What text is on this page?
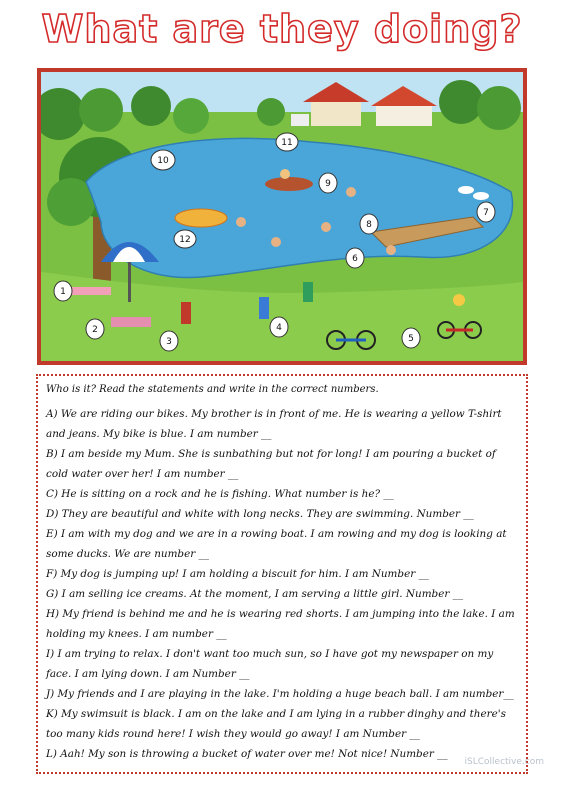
What are they doing?
1
2
3
4
5
6
7
8
9
10
11
12

Who is it? Read the statements and write in the correct numbers.

A) We are riding our bikes. My brother is in front of me. He is wearing a yellow T-shirt and jeans. My bike is blue. I am number __

B) I am beside my Mum. She is sunbathing but not for long! I am pouring a bucket of cold water over her! I am number __

C) He is sitting on a rock and he is fishing. What number is he? __

D) They are beautiful and white with long necks. They are swimming. Number __

E) I am with my dog and we are in a rowing boat. I am rowing and my dog is looking at some ducks. We are number __

F) My dog is jumping up! I am holding a biscuit for him. I am Number __

G) I am selling ice creams. At the moment, I am serving a little girl. Number __

H) My friend is behind me and he is wearing red shorts. I am jumping into the lake. I am holding my knees. I am number __

I) I am trying to relax. I don't want too much sun, so I have got my newspaper on my face. I am lying down. I am Number __

J) My friends and I are playing in the lake. I'm holding a huge beach ball. I am number__

K) My swimsuit is black. I am on the lake and I am lying in a rubber dinghy and there's too many kids round here! I wish they would go away! I am Number __

L) Aah! My son is throwing a bucket of water over me! Not nice! Number __

iSLCollective.com
